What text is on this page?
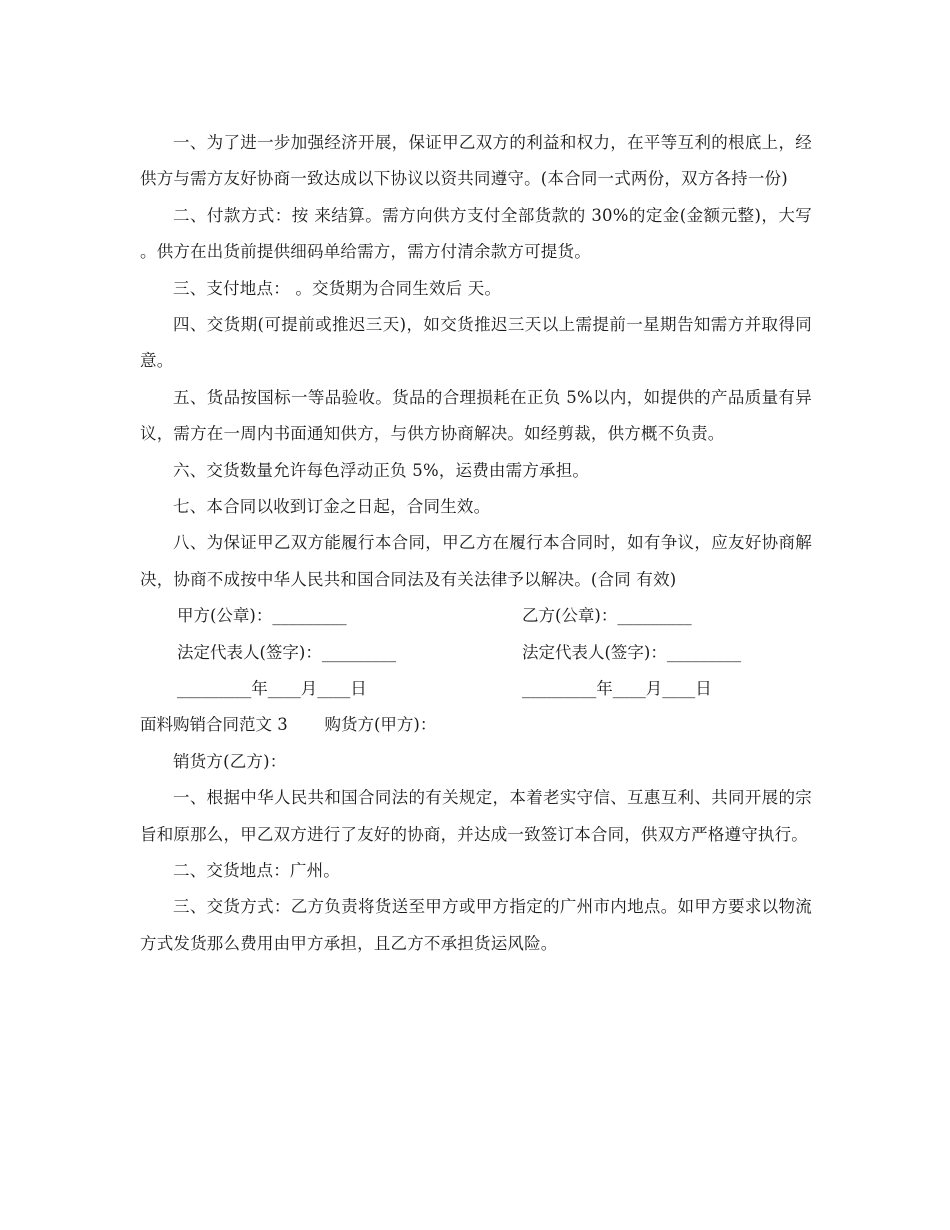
一、为了进一步加强经济开展，保证甲乙双方的利益和权力，在平等互利的根底上，经供方与需方友好协商一致达成以下协议以资共同遵守。(本合同一式两份，双方各持一份)

二、付款方式：按 来结算。需方向供方支付全部货款的 30%的定金(金额元整)，大写 。供方在出货前提供细码单给需方，需方付清余款方可提货。

三、支付地点： 。交货期为合同生效后 天。

四、交货期(可提前或推迟三天)，如交货推迟三天以上需提前一星期告知需方并取得同意。

五、货品按国标一等品验收。货品的合理损耗在正负 5%以内，如提供的产品质量有异议，需方在一周内书面通知供方，与供方协商解决。如经剪裁，供方概不负责。

六、交货数量允许每色浮动正负 5%，运费由需方承担。

七、本合同以收到订金之日起，合同生效。

八、为保证甲乙双方能履行本合同，甲乙方在履行本合同时，如有争议，应友好协商解决，协商不成按中华人民共和国合同法及有关法律予以解决。(合同 有效)

甲方(公章)：_________	乙方(公章)：_________
法定代表人(签字)：_________	法定代表人(签字)：_________
_________年____月____日	_________年____月____日
面料购销合同范文 3       购货方(甲方)：

销货方(乙方)：

一、根据中华人民共和国合同法的有关规定，本着老实守信、互惠互利、共同开展的宗旨和原那么，甲乙双方进行了友好的协商，并达成一致签订本合同，供双方严格遵守执行。

二、交货地点：广州。

三、交货方式：乙方负责将货送至甲方或甲方指定的广州市内地点。如甲方要求以物流方式发货那么费用由甲方承担，且乙方不承担货运风险。
